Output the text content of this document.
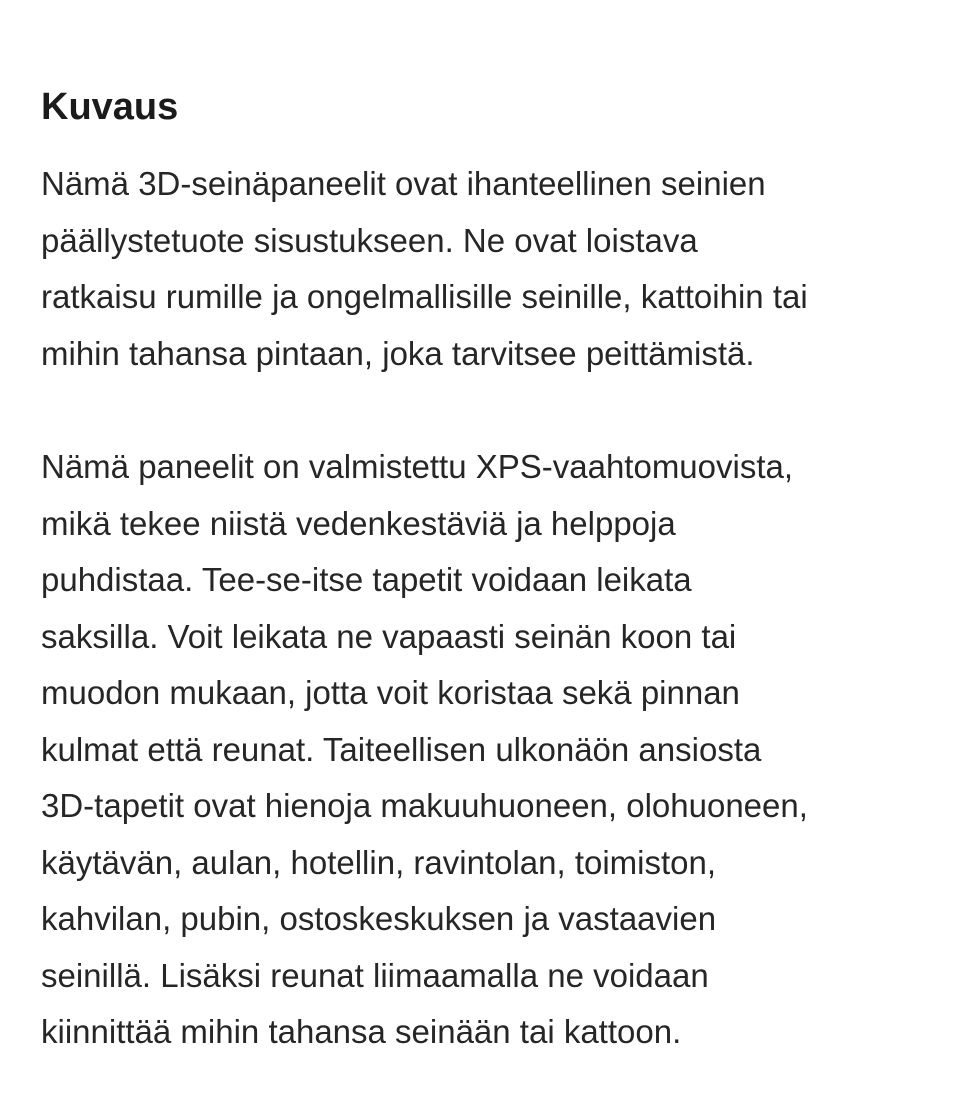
Kuvaus

Nämä 3D-seinäpaneelit ovat ihanteellinen seinien
päällystetuote sisustukseen. Ne ovat loistava
ratkaisu rumille ja ongelmallisille seinille, kattoihin tai
mihin tahansa pintaan, joka tarvitsee peittämistä.

Nämä paneelit on valmistettu XPS-vaahtomuovista,
mikä tekee niistä vedenkestäviä ja helppoja
puhdistaa. Tee-se-itse tapetit voidaan leikata
saksilla. Voit leikata ne vapaasti seinän koon tai
muodon mukaan, jotta voit koristaa sekä pinnan
kulmat että reunat. Taiteellisen ulkonäön ansiosta
3D-tapetit ovat hienoja makuuhuoneen, olohuoneen,
käytävän, aulan, hotellin, ravintolan, toimiston,
kahvilan, pubin, ostoskeskuksen ja vastaavien
seinillä. Lisäksi reunat liimaamalla ne voidaan
kiinnittää mihin tahansa seinään tai kattoon.
